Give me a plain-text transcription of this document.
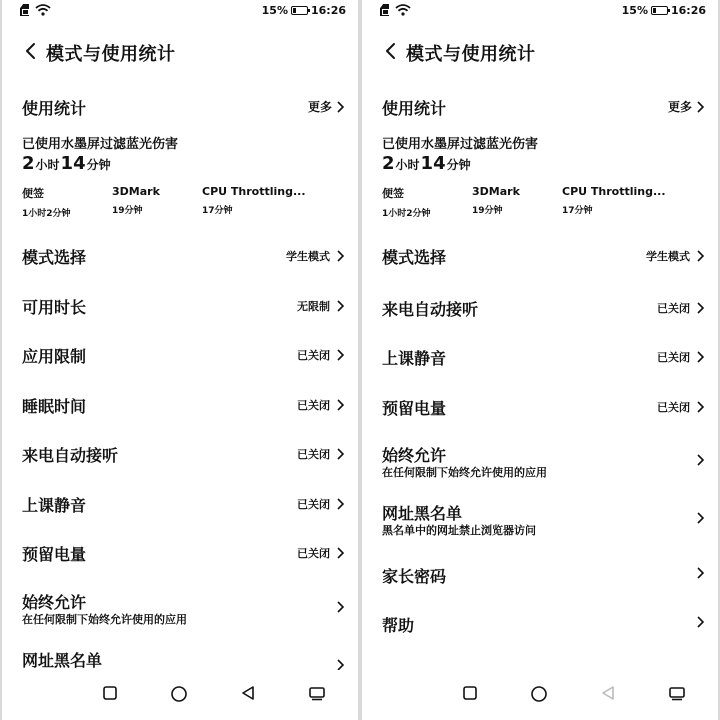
15% 16:26
模式与使用统计
使用统计	更多
已使用水墨屏过滤蓝光伤害
2 小时 14 分钟
便签
1小时2分钟
3DMark
19分钟
CPU Throttling...
17分钟
模式选择	学生模式
可用时长	无限制
应用限制	已关闭
睡眠时间	已关闭
来电自动接听	已关闭
上课静音	已关闭
预留电量	已关闭
始终允许
在任何限制下始终允许使用的应用
网址黑名单
15% 16:26
模式与使用统计
使用统计	更多
已使用水墨屏过滤蓝光伤害
2 小时 14 分钟
便签
1小时2分钟
3DMark
19分钟
CPU Throttling...
17分钟
模式选择	学生模式
来电自动接听	已关闭
上课静音	已关闭
预留电量	已关闭
始终允许
在任何限制下始终允许使用的应用
网址黑名单
黑名单中的网址禁止浏览器访问
家长密码
帮助
